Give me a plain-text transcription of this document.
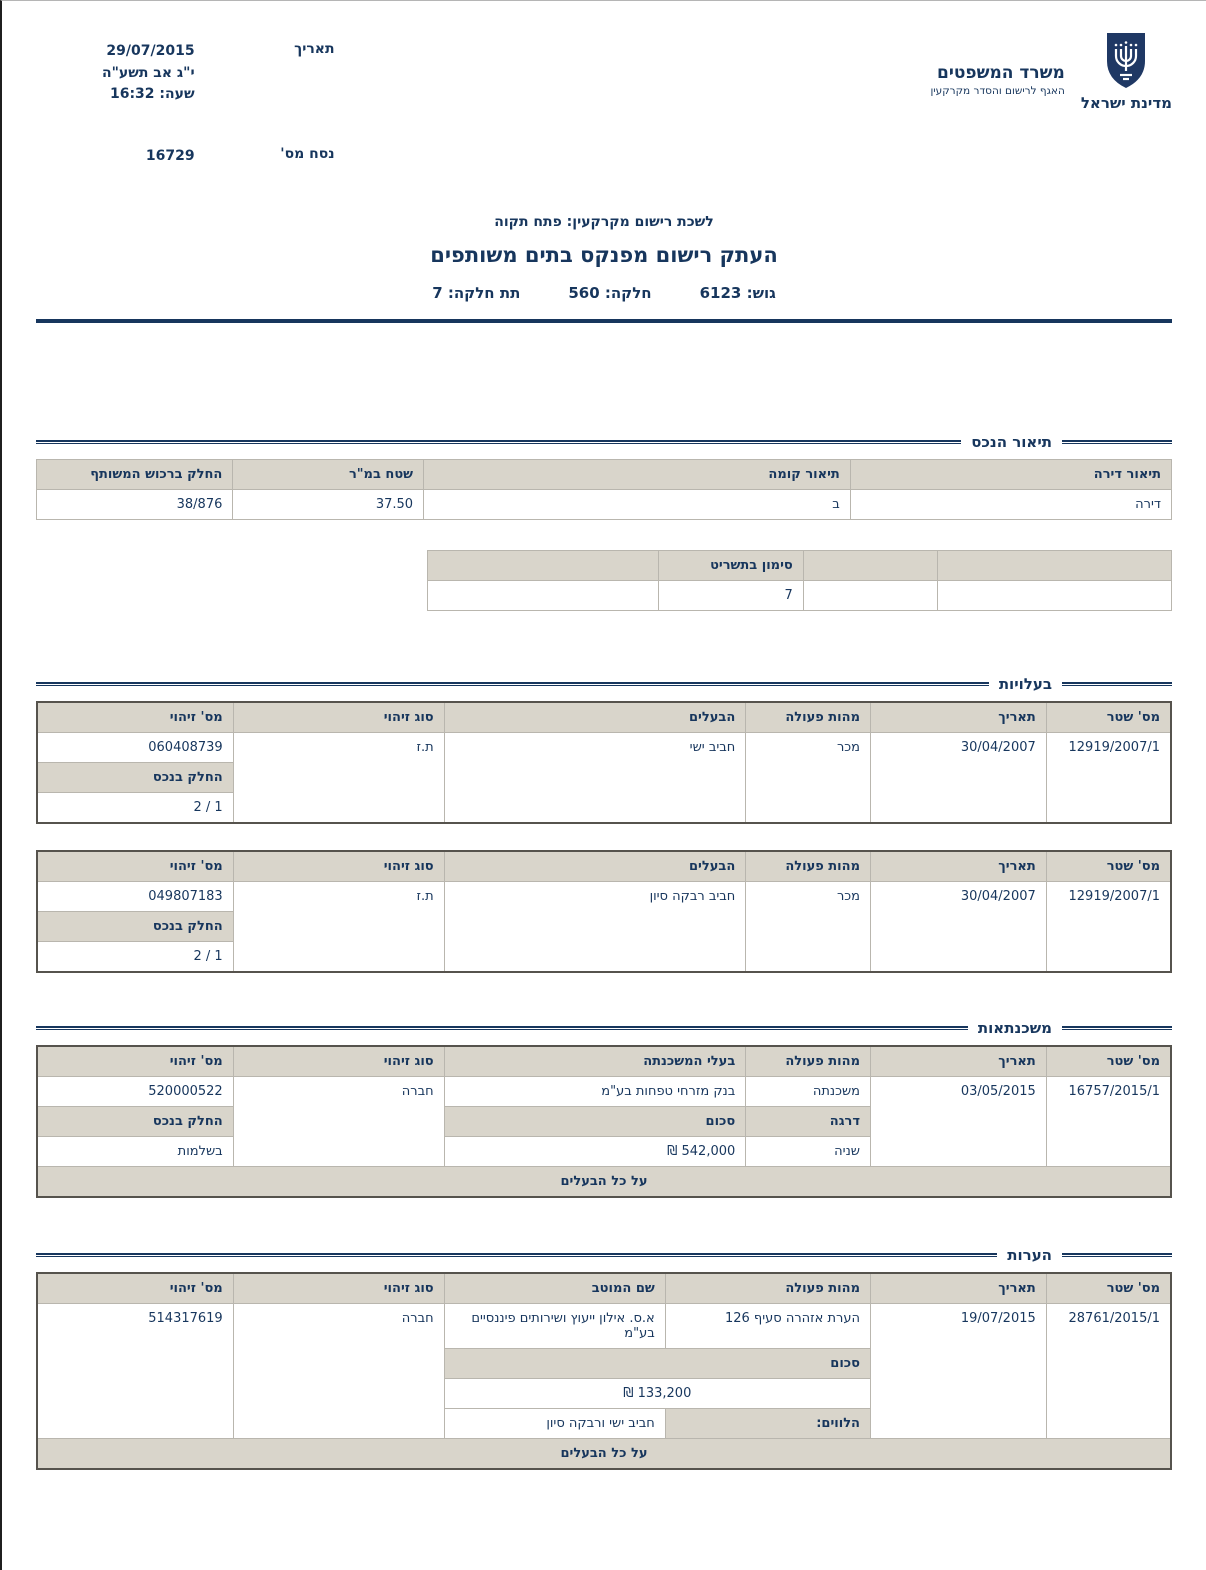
מדינת ישראל
משרד המשפטים
האגף לרישום והסדר מקרקעין
תאריך
29/07/2015
י"ג אב תשע"ה
שעה: 16:32
נסח מס'
16729
לשכת רישום מקרקעין: פתח תקוה
העתק רישום מפנקס בתים משותפים
גוש: 6123
חלקה: 560
תת חלקה: 7
תיאור הנכס
תיאור דירה	תיאור קומה	שטח במ"ר	החלק ברכוש המשותף
דירה	ב	37.50	38/876
		סימון בתשריט	
		7	
בעלויות
מס' שטר	תאריך	מהות פעולה	הבעלים	סוג זיהוי	מס' זיהוי
12919/2007/1	30/04/2007	מכר	חביב ישי	ת.ז	060408739
					החלק בנכס
					1 / 2
מס' שטר	תאריך	מהות פעולה	הבעלים	סוג זיהוי	מס' זיהוי
12919/2007/1	30/04/2007	מכר	חביב רבקה סיון	ת.ז	049807183
					החלק בנכס
					1 / 2
משכנתאות
מס' שטר	תאריך	מהות פעולה	בעלי המשכנתה	סוג זיהוי	מס' זיהוי
16757/2015/1	03/05/2015	משכנתה	בנק מזרחי טפחות בע"מ	חברה	520000522
		דרגה	סכום		החלק בנכס
		שניה	542,000 ₪		בשלמות
על כל הבעלים					
הערות
מס' שטר	תאריך	מהות פעולה	שם המוטב	סוג זיהוי	מס' זיהוי
28761/2015/1	19/07/2015	הערת אזהרה סעיף 126	א.ס. אילון ייעוץ ושירותים פיננסיים בע"מ	חברה	514317619
		סכום			
		133,200 ₪			
		הלווים:	חביב ישי ורבקה סיון		
על כל הבעלים					
